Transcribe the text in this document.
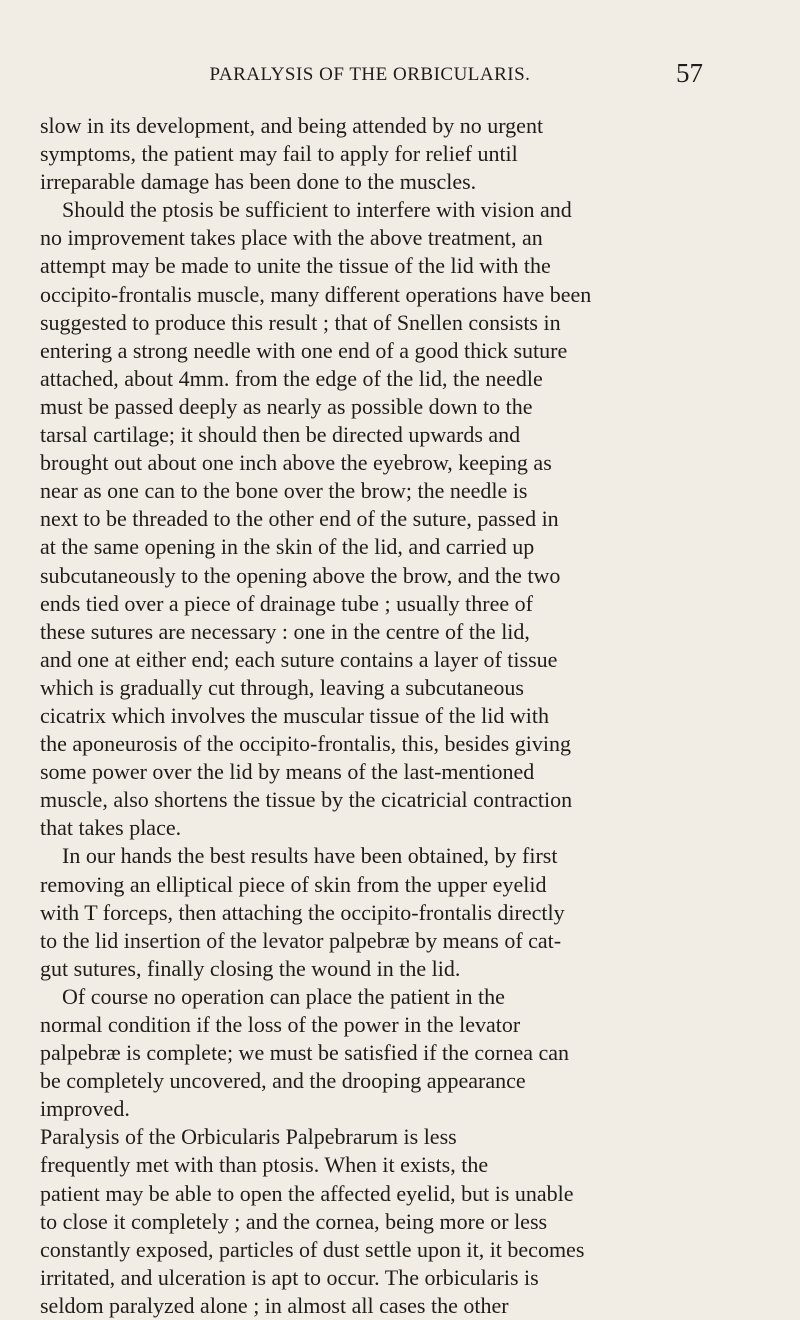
PARALYSIS OF THE ORBICULARIS.	57
slow in its development, and being attended by no urgent
symptoms, the patient may fail to apply for relief until
irreparable damage has been done to the muscles.
Should the ptosis be sufficient to interfere with vision and
no improvement takes place with the above treatment, an
attempt may be made to unite the tissue of the lid with the
occipito-frontalis muscle, many different operations have been
suggested to produce this result ; that of Snellen consists in
entering a strong needle with one end of a good thick suture
attached, about 4mm. from the edge of the lid, the needle
must be passed deeply as nearly as possible down to the
tarsal cartilage; it should then be directed upwards and
brought out about one inch above the eyebrow, keeping as
near as one can to the bone over the brow; the needle is
next to be threaded to the other end of the suture, passed in
at the same opening in the skin of the lid, and carried up
subcutaneously to the opening above the brow, and the two
ends tied over a piece of drainage tube ; usually three of
these sutures are necessary : one in the centre of the lid,
and one at either end; each suture contains a layer of tissue
which is gradually cut through, leaving a subcutaneous
cicatrix which involves the muscular tissue of the lid with
the aponeurosis of the occipito-frontalis, this, besides giving
some power over the lid by means of the last-mentioned
muscle, also shortens the tissue by the cicatricial contraction
that takes place.
In our hands the best results have been obtained, by first
removing an elliptical piece of skin from the upper eyelid
with T forceps, then attaching the occipito-frontalis directly
to the lid insertion of the levator palpebræ by means of cat-
gut sutures, finally closing the wound in the lid.
Of course no operation can place the patient in the
normal condition if the loss of the power in the levator
palpebræ is complete; we must be satisfied if the cornea can
be completely uncovered, and the drooping appearance
improved.
Paralysis of the Orbicularis Palpebrarum is less
frequently met with than ptosis. When it exists, the
patient may be able to open the affected eyelid, but is unable
to close it completely ; and the cornea, being more or less
constantly exposed, particles of dust settle upon it, it becomes
irritated, and ulceration is apt to occur. The orbicularis is
seldom paralyzed alone ; in almost all cases the other
